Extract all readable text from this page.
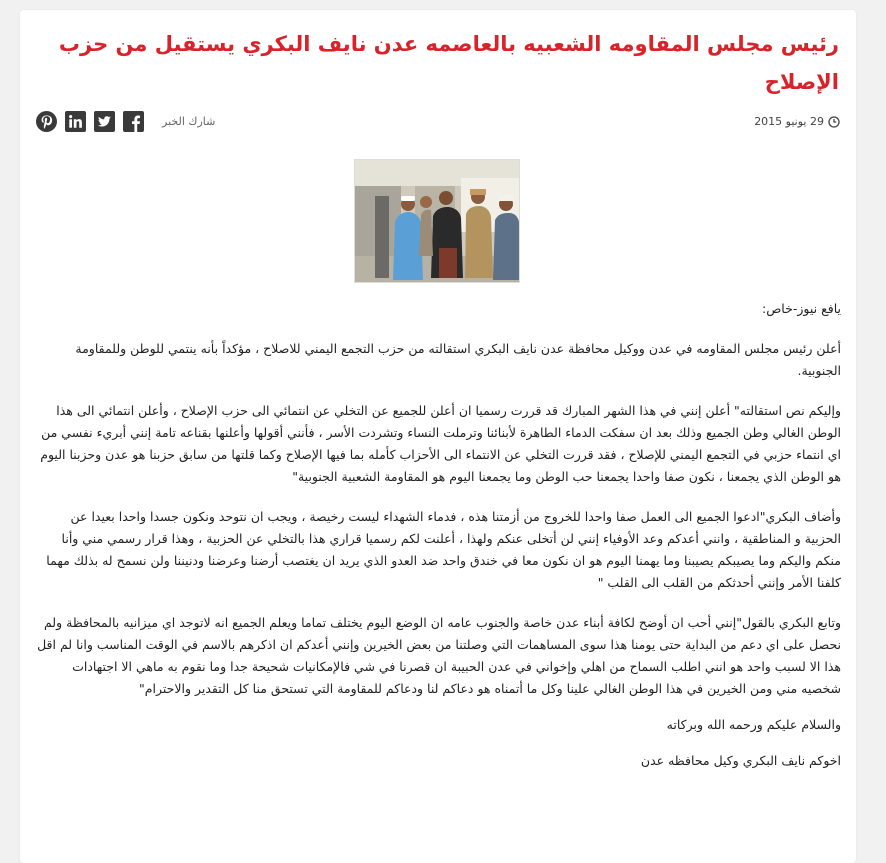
رئيس مجلس المقاومه الشعبيه بالعاصمه عدن نايف البكري يستقيل من حزب الإصلاح
29 يونيو 2015
شارك الخبر

يافع نيوز-خاص:

أعلن رئيس مجلس المقاومه في عدن ووكيل محافظة عدن نايف البكري استقالته من حزب التجمع اليمني للاصلاح ، مؤكداً بأنه ينتمي للوطن وللمقاومة الجنوبية.

وإليكم نص استقالته" أعلن إنني في هذا الشهر المبارك قد قررت رسميا ان أعلن للجميع عن التخلي عن انتمائي الى حزب الإصلاح ، وأعلن انتمائي الى هذا الوطن الغالي وطن الجميع وذلك بعد ان سفكت الدماء الطاهرة لأبنائنا وترملت النساء وتشردت الأسر ، فأنني أقولها وأعلنها بقناعه تامة إنني أبريء نفسي من اي انتماء حزبي في التجمع اليمني للإصلاح ، فقد قررت التخلي عن الانتماء الى الأحزاب كأمله بما فيها الإصلاح وكما قلتها من سابق حزبنا هو عدن وحزبنا اليوم هو الوطن الذي يجمعنا ، نكون صفا واحدا يجمعنا حب الوطن وما يجمعنا اليوم هو المقاومة الشعبية الجنوبية"

وأضاف البكري"ادعوا الجميع الى العمل صفا واحدا للخروج من أزمتنا هذه ، فدماء الشهداء ليست رخيصة ، ويجب ان نتوحد ونكون جسدا واحدا بعيدا عن الحزبية و المناطقية ، وانني أعدكم وعد الأوفياء إنني لن أتخلى عنكم ولهذا ، أعلنت لكم رسميا قراري هذا بالتخلي عن الحزبية ، وهذا قرار رسمي مني وأنا منكم واليكم وما يصيبكم يصيبنا وما يهمنا اليوم هو ان نكون معا في خندق واحد ضد العدو الذي يريد ان يغتصب أرضنا وعرضنا ودنيننا ولن نسمح له بذلك مهما كلفنا الأمر وإنني أحدثكم من القلب الى القلب "

وتابع البكري بالقول"إنني أحب ان أوضح لكافة أبناء عدن خاصة والجنوب عامه ان الوضع اليوم يختلف تماما ويعلم الجميع انه لاتوجد اي ميزانيه بالمحافظة ولم نحصل على اي دعم من البداية حتى يومنا هذا سوى المساهمات التي وصلتنا من بعض الخيرين وإنني أعدكم ان اذكرهم بالاسم في الوقت المناسب وانا لم اقل هذا الا لسبب واحد هو انني اطلب السماح من اهلي وإخواني في عدن الحبيبة ان قصرنا في شي فالإمكانيات شحيحة جدا وما نقوم به ماهي الا اجتهادات شخصيه مني ومن الخيرين في هذا الوطن الغالي علينا وكل ما أتمناه هو دعاكم لنا ودعاكم للمقاومة التي تستحق منا كل التقدير والاحترام"

والسلام عليكم ورحمه الله وبركاته

اخوكم نايف البكري وكيل محافظه عدن
